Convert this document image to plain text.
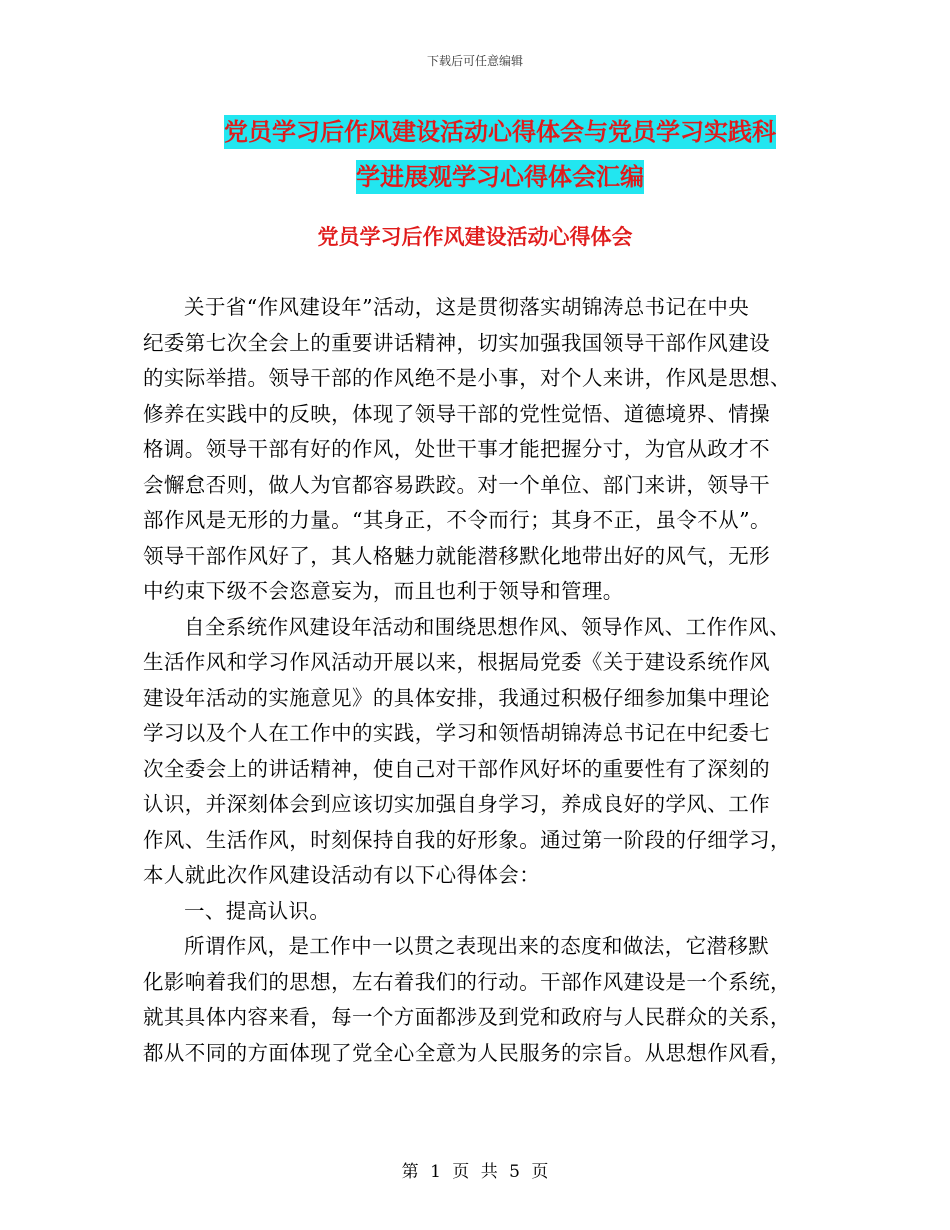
下载后可任意编辑
党员学习后作风建设活动心得体会与党员学习实践科
学进展观学习心得体会汇编
党员学习后作风建设活动心得体会
关于省“作风建设年”活动，这是贯彻落实胡锦涛总书记在中央
纪委第七次全会上的重要讲话精神，切实加强我国领导干部作风建设
的实际举措。领导干部的作风绝不是小事，对个人来讲，作风是思想、
修养在实践中的反映，体现了领导干部的党性觉悟、道德境界、情操
格调。领导干部有好的作风，处世干事才能把握分寸，为官从政才不
会懈怠否则，做人为官都容易跌跤。对一个单位、部门来讲，领导干
部作风是无形的力量。“其身正，不令而行；其身不正，虽令不从”。
领导干部作风好了，其人格魅力就能潜移默化地带出好的风气，无形
中约束下级不会恣意妄为，而且也利于领导和管理。
自全系统作风建设年活动和围绕思想作风、领导作风、工作作风、
生活作风和学习作风活动开展以来，根据局党委《关于建设系统作风
建设年活动的实施意见》的具体安排，我通过积极仔细参加集中理论
学习以及个人在工作中的实践，学习和领悟胡锦涛总书记在中纪委七
次全委会上的讲话精神，使自己对干部作风好坏的重要性有了深刻的
认识，并深刻体会到应该切实加强自身学习，养成良好的学风、工作
作风、生活作风，时刻保持自我的好形象。通过第一阶段的仔细学习，
本人就此次作风建设活动有以下心得体会：
一、提高认识。
所谓作风，是工作中一以贯之表现出来的态度和做法，它潜移默
化影响着我们的思想，左右着我们的行动。干部作风建设是一个系统，
就其具体内容来看，每一个方面都涉及到党和政府与人民群众的关系，
都从不同的方面体现了党全心全意为人民服务的宗旨。从思想作风看，
第 1 页 共 5 页
